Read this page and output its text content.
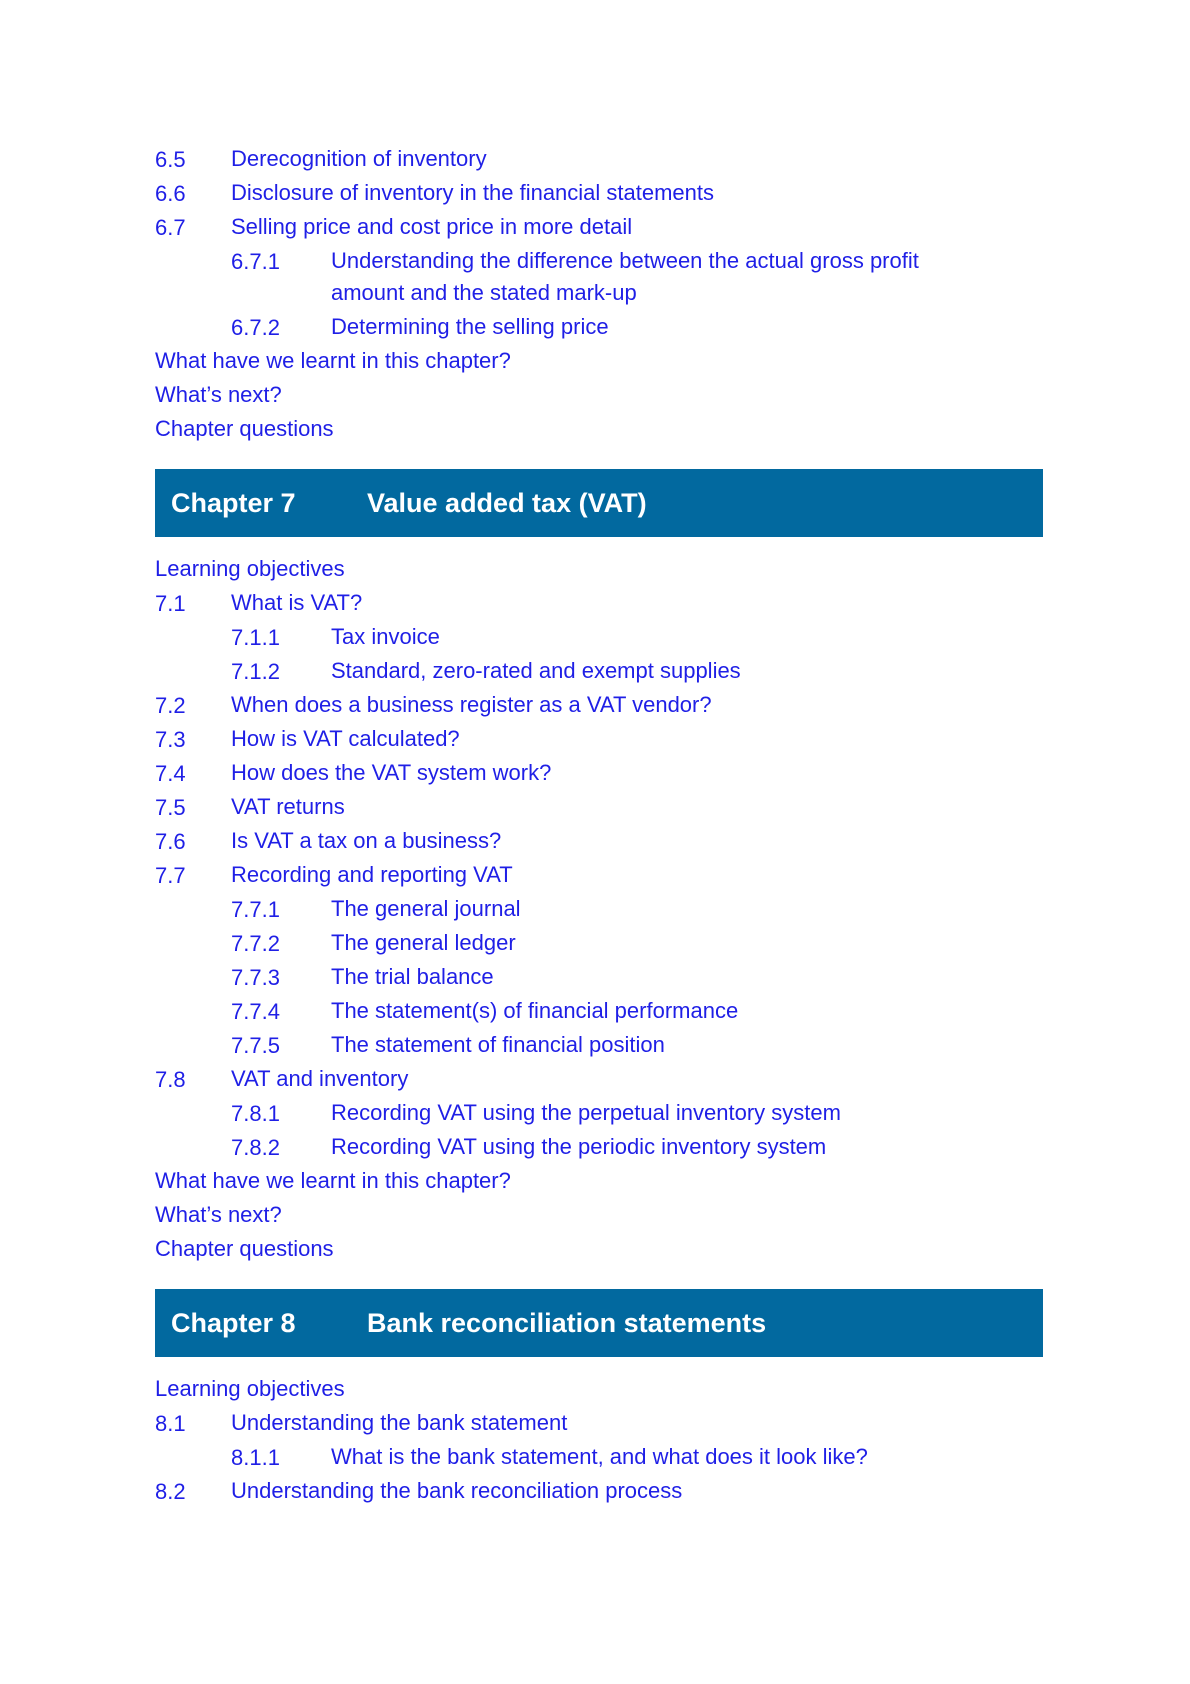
6.5 Derecognition of inventory
6.6 Disclosure of inventory in the financial statements
6.7 Selling price and cost price in more detail
6.7.1 Understanding the difference between the actual gross profit amount and the stated mark-up
6.7.2 Determining the selling price
What have we learnt in this chapter?
What’s next?
Chapter questions
Chapter 7	Value added tax (VAT)
Learning objectives
7.1 What is VAT?
7.1.1 Tax invoice
7.1.2 Standard, zero-rated and exempt supplies
7.2 When does a business register as a VAT vendor?
7.3 How is VAT calculated?
7.4 How does the VAT system work?
7.5 VAT returns
7.6 Is VAT a tax on a business?
7.7 Recording and reporting VAT
7.7.1 The general journal
7.7.2 The general ledger
7.7.3 The trial balance
7.7.4 The statement(s) of financial performance
7.7.5 The statement of financial position
7.8 VAT and inventory
7.8.1 Recording VAT using the perpetual inventory system
7.8.2 Recording VAT using the periodic inventory system
What have we learnt in this chapter?
What’s next?
Chapter questions
Chapter 8	Bank reconciliation statements
Learning objectives
8.1 Understanding the bank statement
8.1.1 What is the bank statement, and what does it look like?
8.2 Understanding the bank reconciliation process
